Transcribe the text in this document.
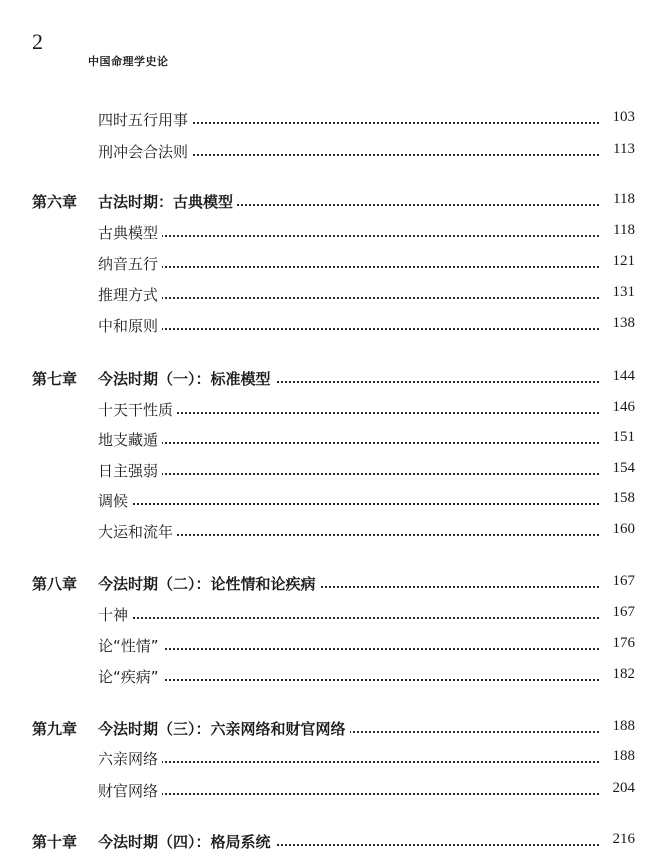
2
中国命理学史论
四时五行用事	103
刑冲会合法则	113
第六章 古法时期：古典模型	118
古典模型	118
纳音五行	121
推理方式	131
中和原则	138
第七章 今法时期（一）：标准模型	144
十天干性质	146
地支藏遁	151
日主强弱	154
调候	158
大运和流年	160
第八章 今法时期（二）：论性情和论疾病	167
十神	167
论“性情”	176
论“疾病”	182
第九章 今法时期（三）：六亲网络和财官网络	188
六亲网络	188
财官网络	204
第十章 今法时期（四）：格局系统	216
